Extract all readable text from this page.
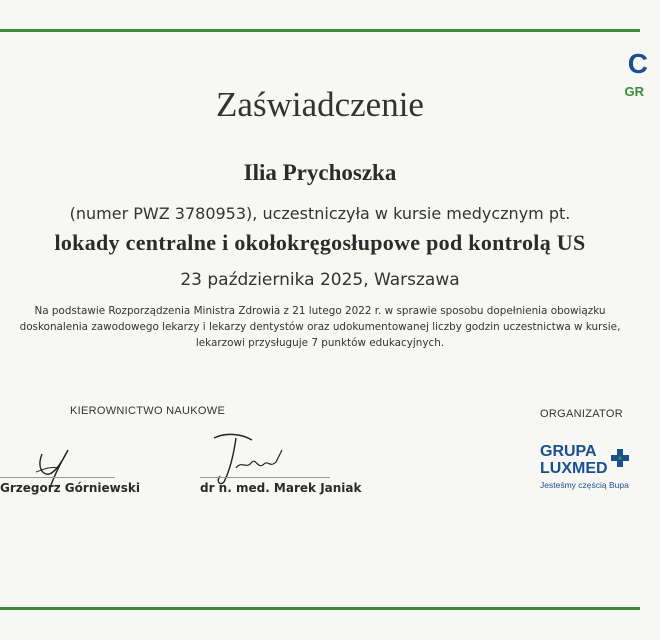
C
GR
Zaświadczenie
Ilia Prychoszka
(numer PWZ 3780953), uczestniczyła w kursie medycznym pt.
lokady centralne i okołokręgosłupowe pod kontrolą US
23 października 2025, Warszawa
Na podstawie Rozporządzenia Ministra Zdrowia z 21 lutego 2022 r. w sprawie sposobu dopełnienia obowiązku
doskonalenia zawodowego lekarzy i lekarzy dentystów oraz udokumentowanej liczby godzin uczestnictwa w kursie,
lekarzowi przysługuje 7 punktów edukacyjnych.
KIEROWNICTWO NAUKOWE	ORGANIZATOR
Grzegorz Górniewski	dr n. med. Marek Janiak
GRUPA
LUXMED
Jesteśmy częścią Bupa
